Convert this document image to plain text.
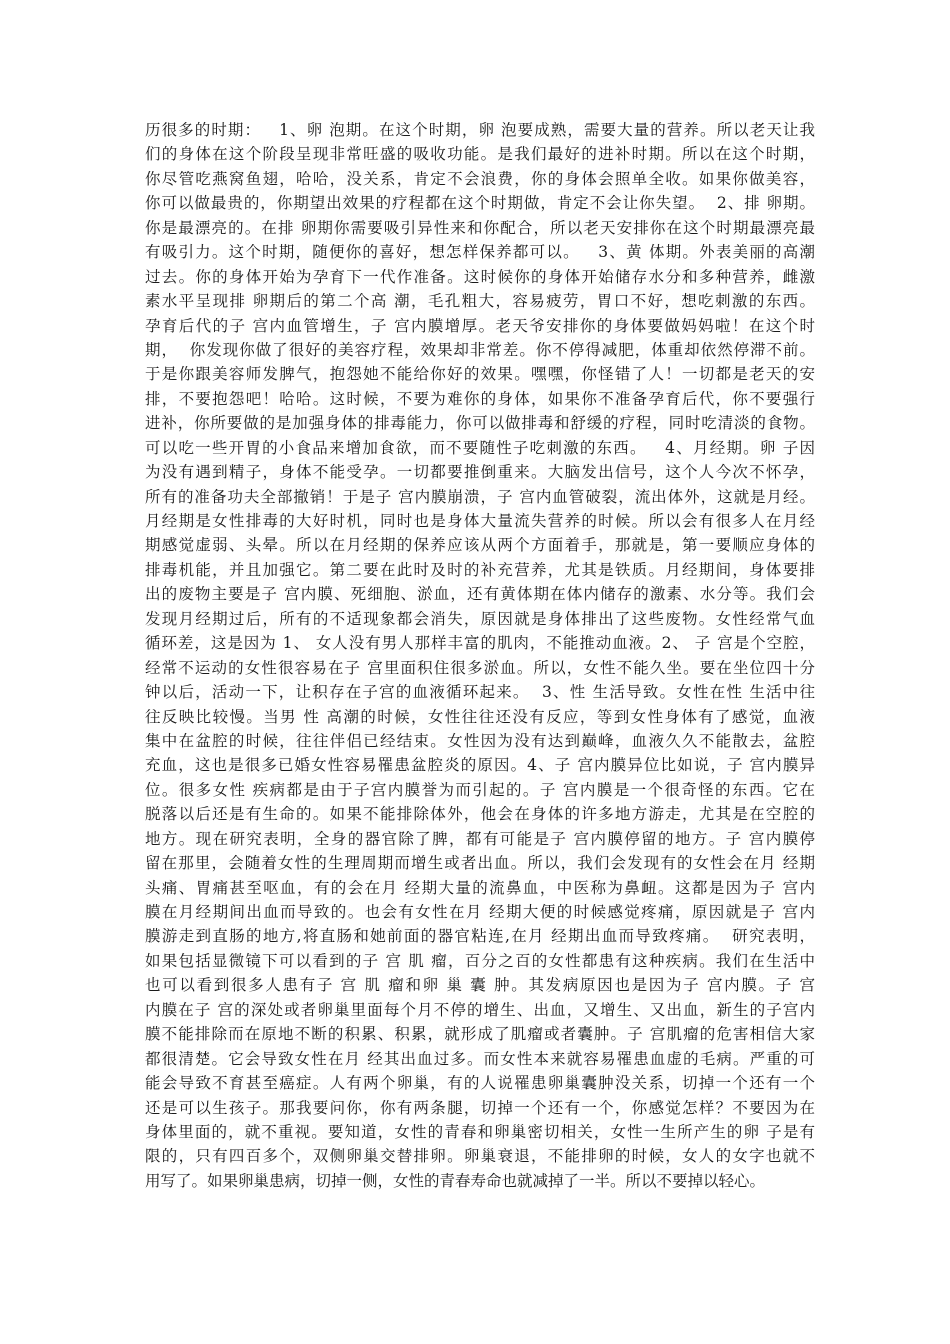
历很多的时期：   1、卵 泡期。在这个时期，卵 泡要成熟，需要大量的营养。所以老天让我
们的身体在这个阶段呈现非常旺盛的吸收功能。是我们最好的进补时期。所以在这个时期，
你尽管吃燕窝鱼翅，哈哈，没关系，肯定不会浪费，你的身体会照单全收。如果你做美容，
你可以做最贵的，你期望出效果的疗程都在这个时期做，肯定不会让你失望。  2、排 卵期。
你是最漂亮的。在排 卵期你需要吸引异性来和你配合，所以老天安排你在这个时期最漂亮最
有吸引力。这个时期，随便你的喜好，想怎样保养都可以。   3、黄 体期。外表美丽的高潮
过去。你的身体开始为孕育下一代作准备。这时候你的身体开始储存水分和多种营养，雌激
素水平呈现排 卵期后的第二个高 潮，毛孔粗大，容易疲劳，胃口不好，想吃刺激的东西。
孕育后代的子 宫内血管增生，子 宫内膜增厚。老天爷安排你的身体要做妈妈啦！在这个时
期，  你发现你做了很好的美容疗程，效果却非常差。你不停得减肥，体重却依然停滞不前。
于是你跟美容师发脾气，抱怨她不能给你好的效果。嘿嘿，你怪错了人！一切都是老天的安
排，不要抱怨吧！哈哈。这时候，不要为难你的身体，如果你不准备孕育后代，你不要强行
进补，你所要做的是加强身体的排毒能力，你可以做排毒和舒缓的疗程，同时吃清淡的食物。
可以吃一些开胃的小食品来增加食欲，而不要随性子吃刺激的东西。   4、月经期。卵 子因
为没有遇到精子，身体不能受孕。一切都要推倒重来。大脑发出信号，这个人今次不怀孕，
所有的准备功夫全部撤销！于是子 宫内膜崩溃，子 宫内血管破裂，流出体外，这就是月经。
月经期是女性排毒的大好时机，同时也是身体大量流失营养的时候。所以会有很多人在月经
期感觉虚弱、头晕。所以在月经期的保养应该从两个方面着手，那就是，第一要顺应身体的
排毒机能，并且加强它。第二要在此时及时的补充营养，尤其是铁质。月经期间，身体要排
出的废物主要是子 宫内膜、死细胞、淤血，还有黄体期在体内储存的激素、水分等。我们会
发现月经期过后，所有的不适现象都会消失，原因就是身体排出了这些废物。女性经常气血
循环差，这是因为 1、 女人没有男人那样丰富的肌肉，不能推动血液。2、 子 宫是个空腔，
经常不运动的女性很容易在子 宫里面积住很多淤血。所以，女性不能久坐。要在坐位四十分
钟以后，活动一下，让积存在子宫的血液循环起来。  3、性 生活导致。女性在性 生活中往
往反映比较慢。当男 性 高潮的时候，女性往往还没有反应，等到女性身体有了感觉，血液
集中在盆腔的时候，往往伴侣已经结束。女性因为没有达到巅峰，血液久久不能散去，盆腔
充血，这也是很多已婚女性容易罹患盆腔炎的原因。4、子 宫内膜异位比如说，子 宫内膜异
位。很多女性 疾病都是由于子宫内膜誉为而引起的。子 宫内膜是一个很奇怪的东西。它在
脱落以后还是有生命的。如果不能排除体外，他会在身体的许多地方游走，尤其是在空腔的
地方。现在研究表明，全身的器官除了脾，都有可能是子 宫内膜停留的地方。子 宫内膜停
留在那里，会随着女性的生理周期而增生或者出血。所以，我们会发现有的女性会在月 经期
头痛、胃痛甚至呕血，有的会在月 经期大量的流鼻血，中医称为鼻衄。这都是因为子 宫内
膜在月经期间出血而导致的。也会有女性在月 经期大便的时候感觉疼痛，原因就是子 宫内
膜游走到直肠的地方,将直肠和她前面的器官粘连,在月 经期出血而导致疼痛。  研究表明，
如果包括显微镜下可以看到的子 宫 肌 瘤，百分之百的女性都患有这种疾病。我们在生活中
也可以看到很多人患有子 宫 肌 瘤和卵 巢 囊 肿。其发病原因也是因为子 宫内膜。子 宫
内膜在子 宫的深处或者卵巢里面每个月不停的增生、出血，又增生、又出血，新生的子宫内
膜不能排除而在原地不断的积累、积累，就形成了肌瘤或者囊肿。子 宫肌瘤的危害相信大家
都很清楚。它会导致女性在月 经其出血过多。而女性本来就容易罹患血虚的毛病。严重的可
能会导致不育甚至癌症。人有两个卵巢，有的人说罹患卵巢囊肿没关系，切掉一个还有一个
还是可以生孩子。那我要问你，你有两条腿，切掉一个还有一个，你感觉怎样？不要因为在
身体里面的，就不重视。要知道，女性的青春和卵巢密切相关，女性一生所产生的卵 子是有
限的，只有四百多个，双侧卵巢交替排卵。卵巢衰退，不能排卵的时候，女人的女字也就不
用写了。如果卵巢患病，切掉一侧，女性的青春寿命也就减掉了一半。所以不要掉以轻心。
